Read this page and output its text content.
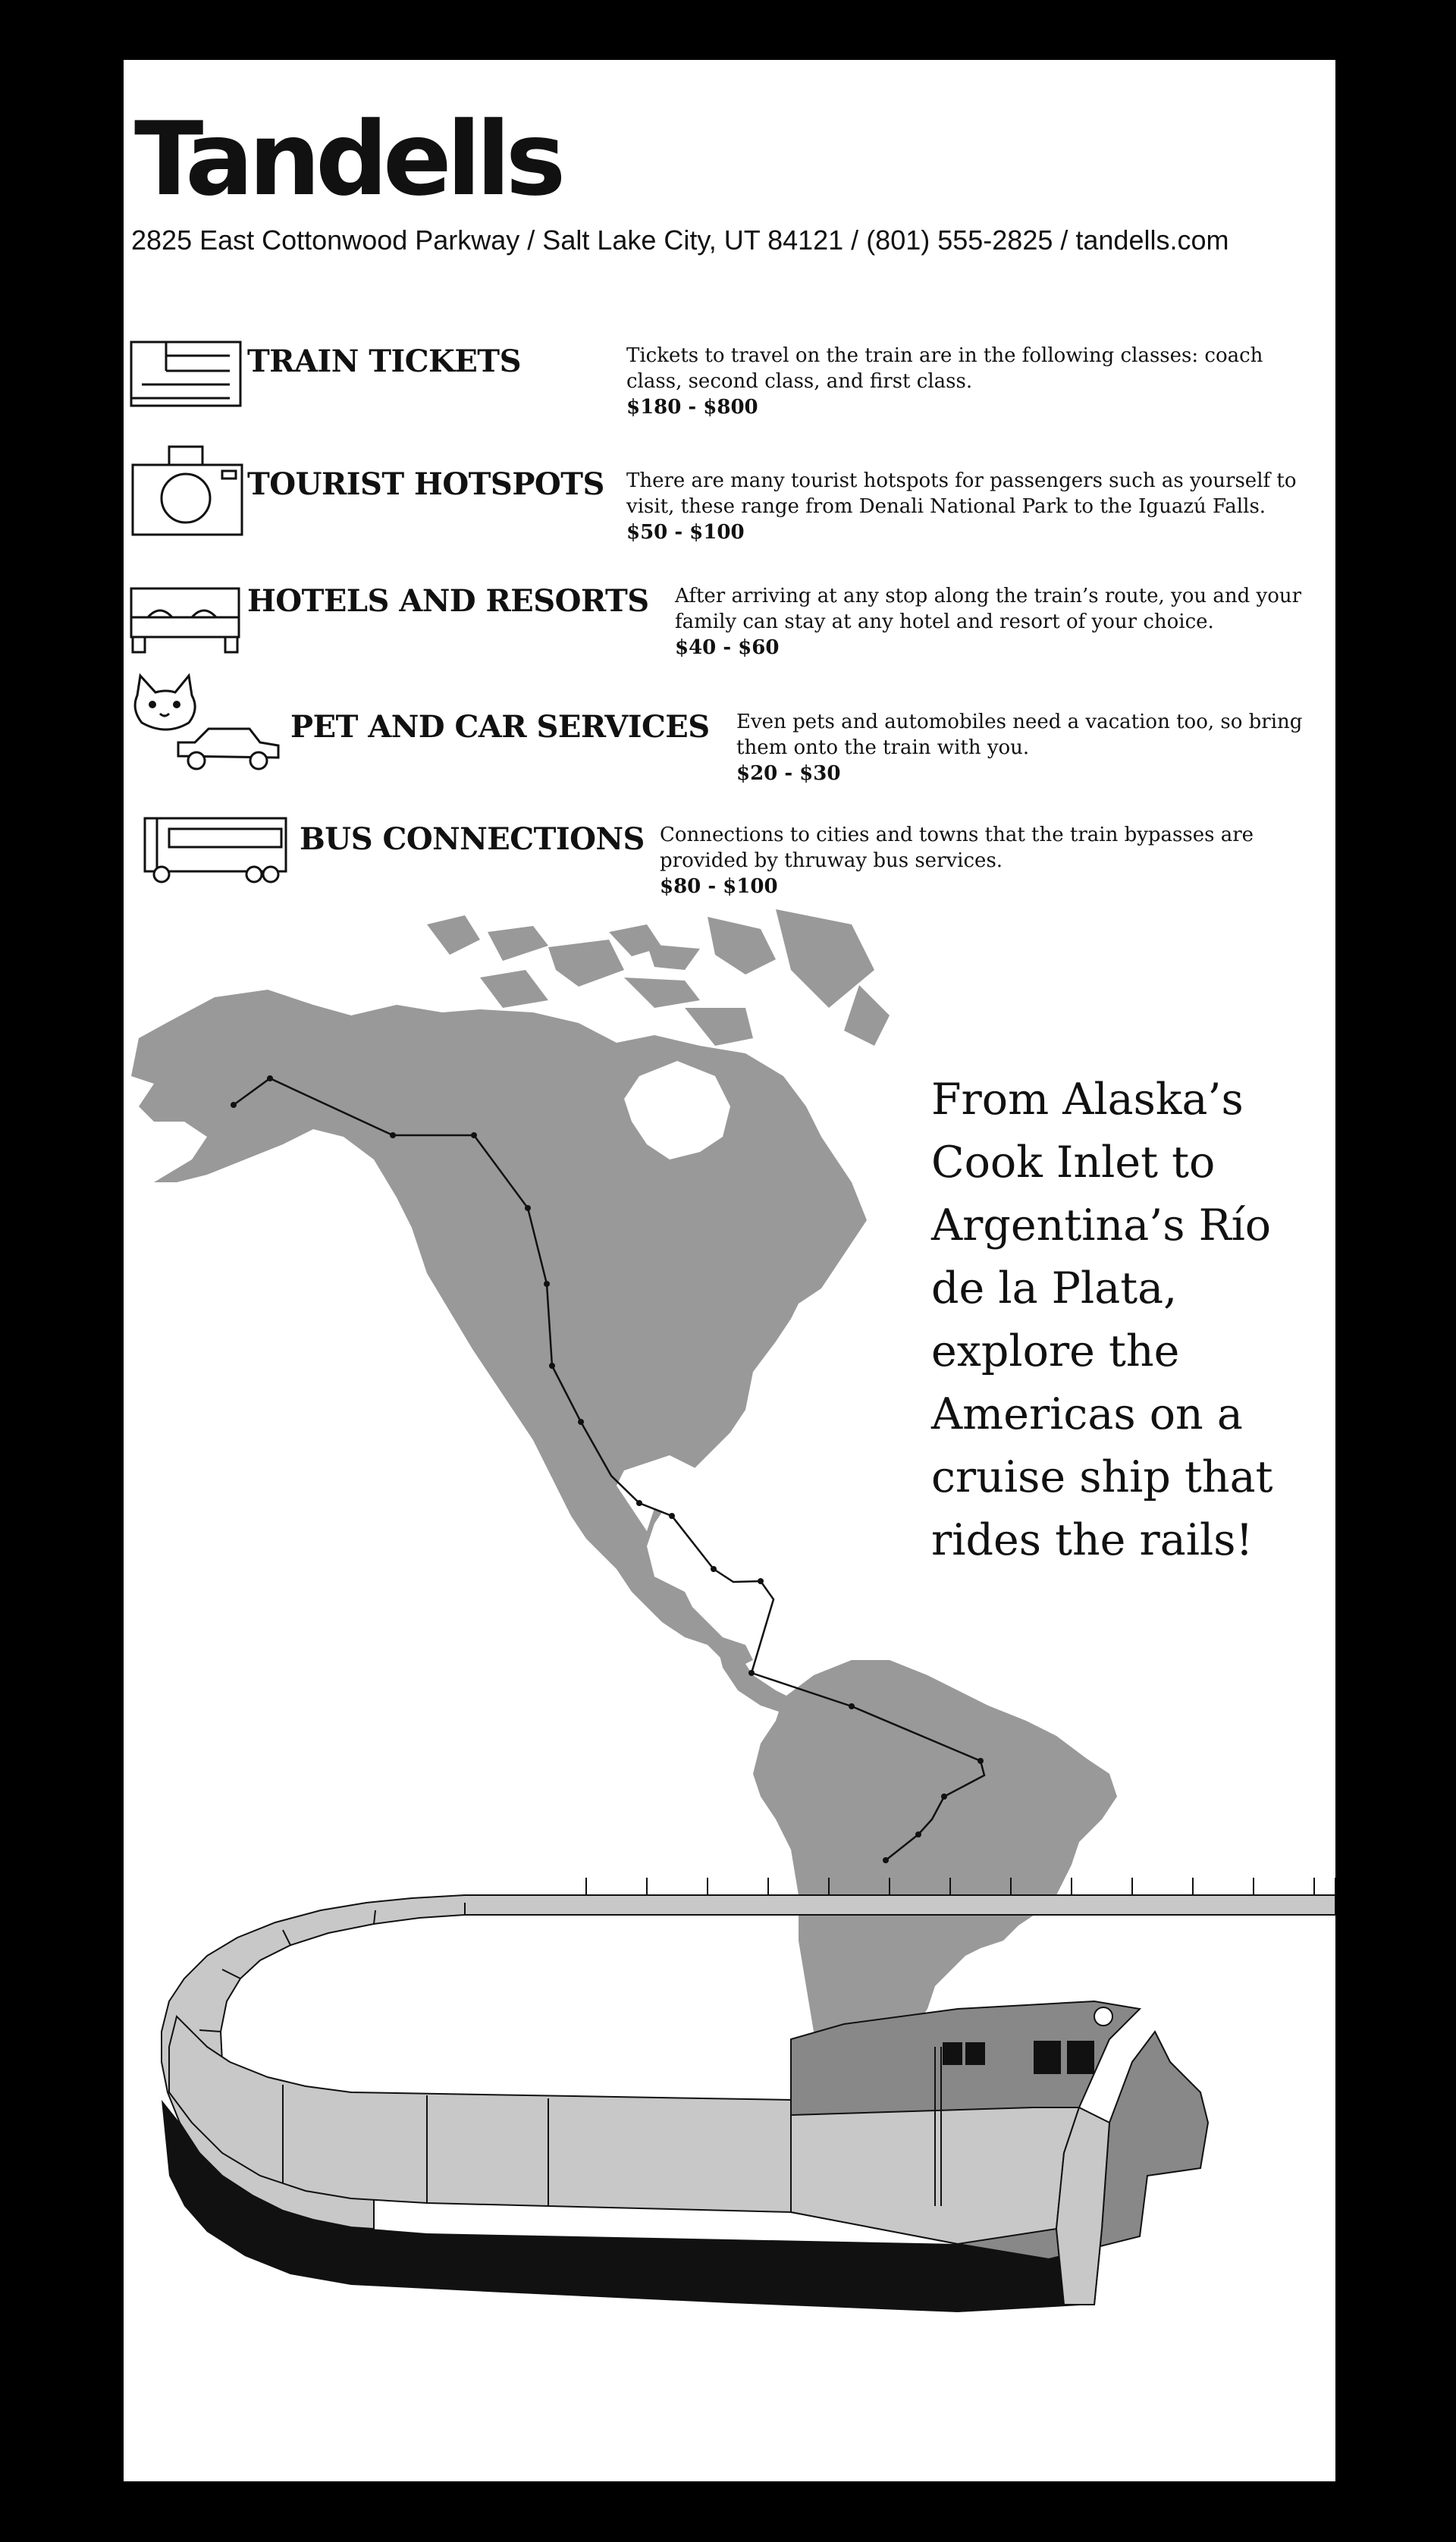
Tandells
2825 East Cottonwood Parkway / Salt Lake City, UT 84121 / (801) 555-2825 / tandells.com
TRAIN TICKETS	Tickets to travel on the train are in the following classes: coach class, second class, and first class.
$180 - $800
TOURIST HOTSPOTS There are many tourist hotspots for passengers such as yourself to visit, these range from Denali National Park to the Iguazú Falls.
$50 - $100
HOTELS AND RESORTS After arriving at any stop along the train’s route, you and your family can stay at any hotel and resort of your choice.
$40 - $60
PET AND CAR SERVICES Even pets and automobiles need a vacation too, so bring them onto the train with you.
$20 - $30
BUS CONNECTIONS Connections to cities and towns that the train bypasses are provided by thruway bus services.
$80 - $100
From Alaska’s Cook Inlet to Argentina’s Río de la Plata, explore the Americas on a cruise ship that rides the rails!
